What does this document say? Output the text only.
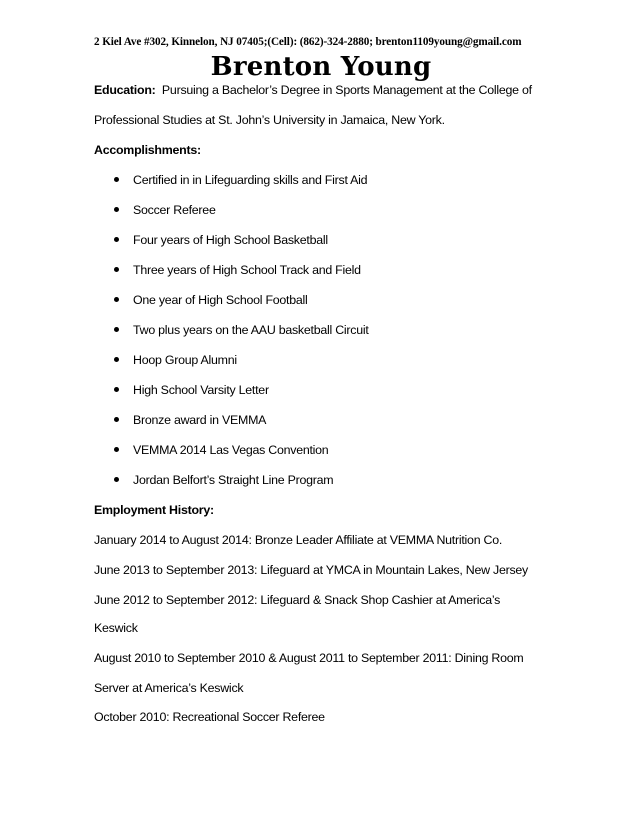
2 Kiel Ave #302, Kinnelon, NJ 07405;(Cell): (862)-324-2880; brenton1109young@gmail.com
Brenton Young
Education: Pursuing a Bachelor’s Degree in Sports Management at the College of
Professional Studies at St. John’s University in Jamaica, New York.
Accomplishments:
Certified in in Lifeguarding skills and First Aid
Soccer Referee
Four years of High School Basketball
Three years of High School Track and Field
One year of High School Football
Two plus years on the AAU basketball Circuit
Hoop Group Alumni
High School Varsity Letter
Bronze award in VEMMA
VEMMA 2014 Las Vegas Convention
Jordan Belfort’s Straight Line Program
Employment History:
January 2014 to August 2014: Bronze Leader Affiliate at VEMMA Nutrition Co.
June 2013 to September 2013: Lifeguard at YMCA in Mountain Lakes, New Jersey
June 2012 to September 2012: Lifeguard & Snack Shop Cashier at America’s
Keswick
August 2010 to September 2010 & August 2011 to September 2011: Dining Room
Server at America’s Keswick
October 2010: Recreational Soccer Referee
